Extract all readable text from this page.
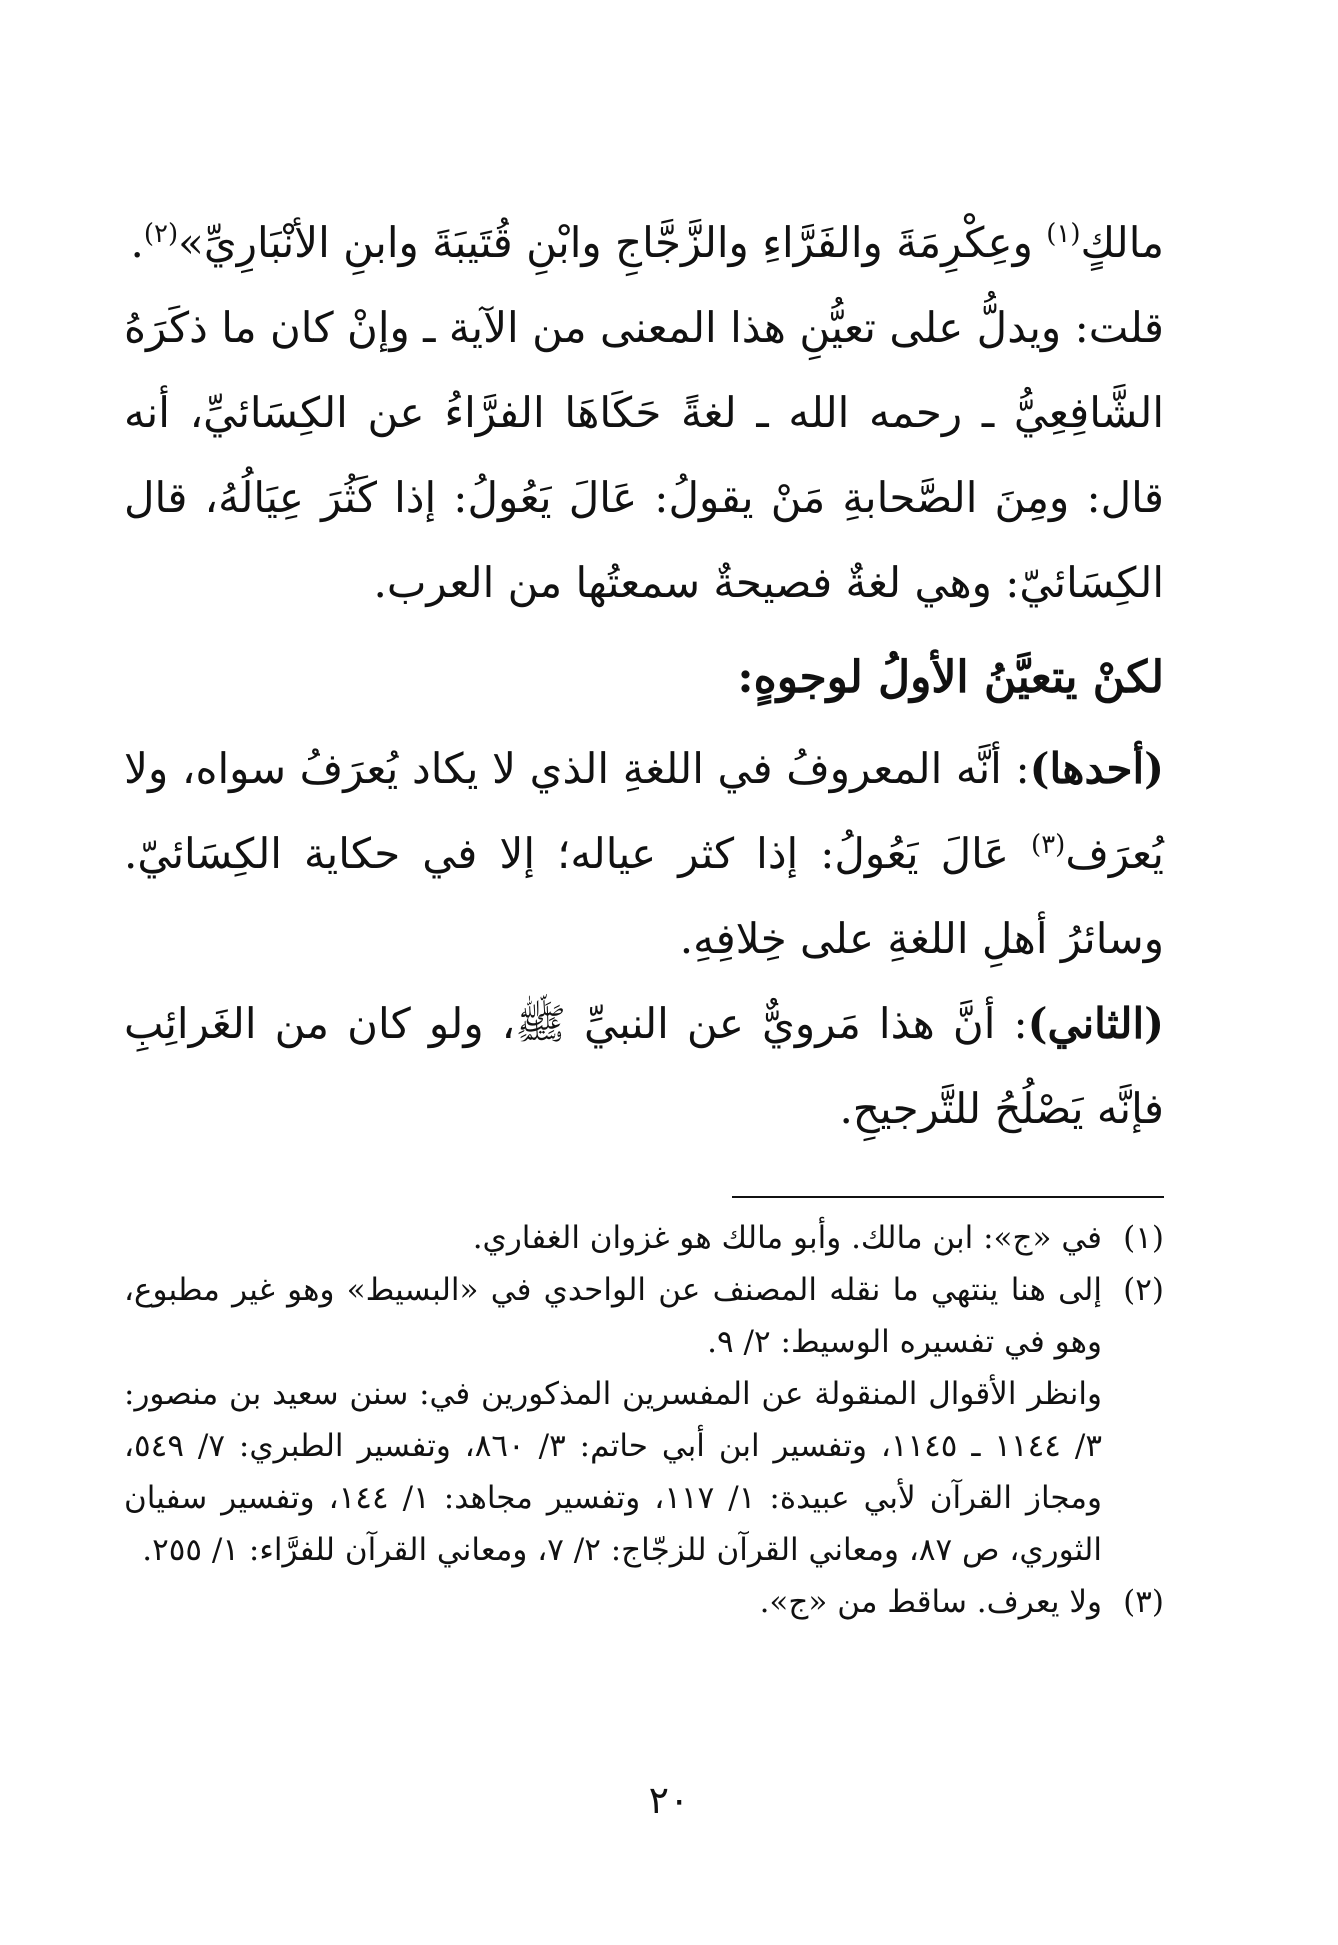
مالكٍ$^{(١)}$ وعِكْرِمَةَ والفَرَّاءِ والزَّجَّاجِ وابْنِ قُتَيبَةَ وابنِ الأنْبَارِيِّ»$^{(٢)}$.

قلت: ويدلُّ على تعيُّنِ هذا المعنى من الآية ـ وإنْ كان ما ذكَرَهُ الشَّافِعِيُّ ـ رحمه الله ـ لغةً حَكَاهَا الفرَّاءُ عن الكِسَائيِّ، أنه قال: ومِنَ الصَّحابةِ مَنْ يقولُ: عَالَ يَعُولُ: إذا كَثُرَ عِيَالُهُ، قال الكِسَائيّ: وهي لغةٌ فصيحةٌ سمعتُها من العرب.

لكنْ يتعيَّنُ الأولُ لوجوهٍ:

(أحدها): أنَّه المعروفُ في اللغةِ الذي لا يكاد يُعرَفُ سواه، ولا يُعرَف$^{(٣)}$ عَالَ يَعُولُ: إذا كثر عياله؛ إلا في حكاية الكِسَائيّ. وسائرُ أهلِ اللغةِ على خِلافِهِ.

(الثاني): أنَّ هذا مَرويٌّ عن النبيِّ ﷺ، ولو كان من الغَرائِبِ فإنَّه يَصْلُحُ للتَّرجيحِ.

(١)
في «ج»: ابن مالك. وأبو مالك هو غزوان الغفاري.
(٢)
إلى هنا ينتهي ما نقله المصنف عن الواحدي في «البسيط» وهو غير مطبوع، وهو في تفسيره الوسيط: ٢/ ٩.

وانظر الأقوال المنقولة عن المفسرين المذكورين في: سنن سعيد بن منصور: ٣/ ١١٤٤ ـ ١١٤٥، وتفسير ابن أبي حاتم: ٣/ ٨٦٠، وتفسير الطبري: ٧/ ٥٤٩، ومجاز القرآن لأبي عبيدة: ١/ ١١٧، وتفسير مجاهد: ١/ ١٤٤، وتفسير سفيان الثوري، ص ٨٧، ومعاني القرآن للزجّاج: ٢/ ٧، ومعاني القرآن للفرَّاء: ١/ ٢٥٥.

(٣)
ولا يعرف. ساقط من «ج».
٢٠
